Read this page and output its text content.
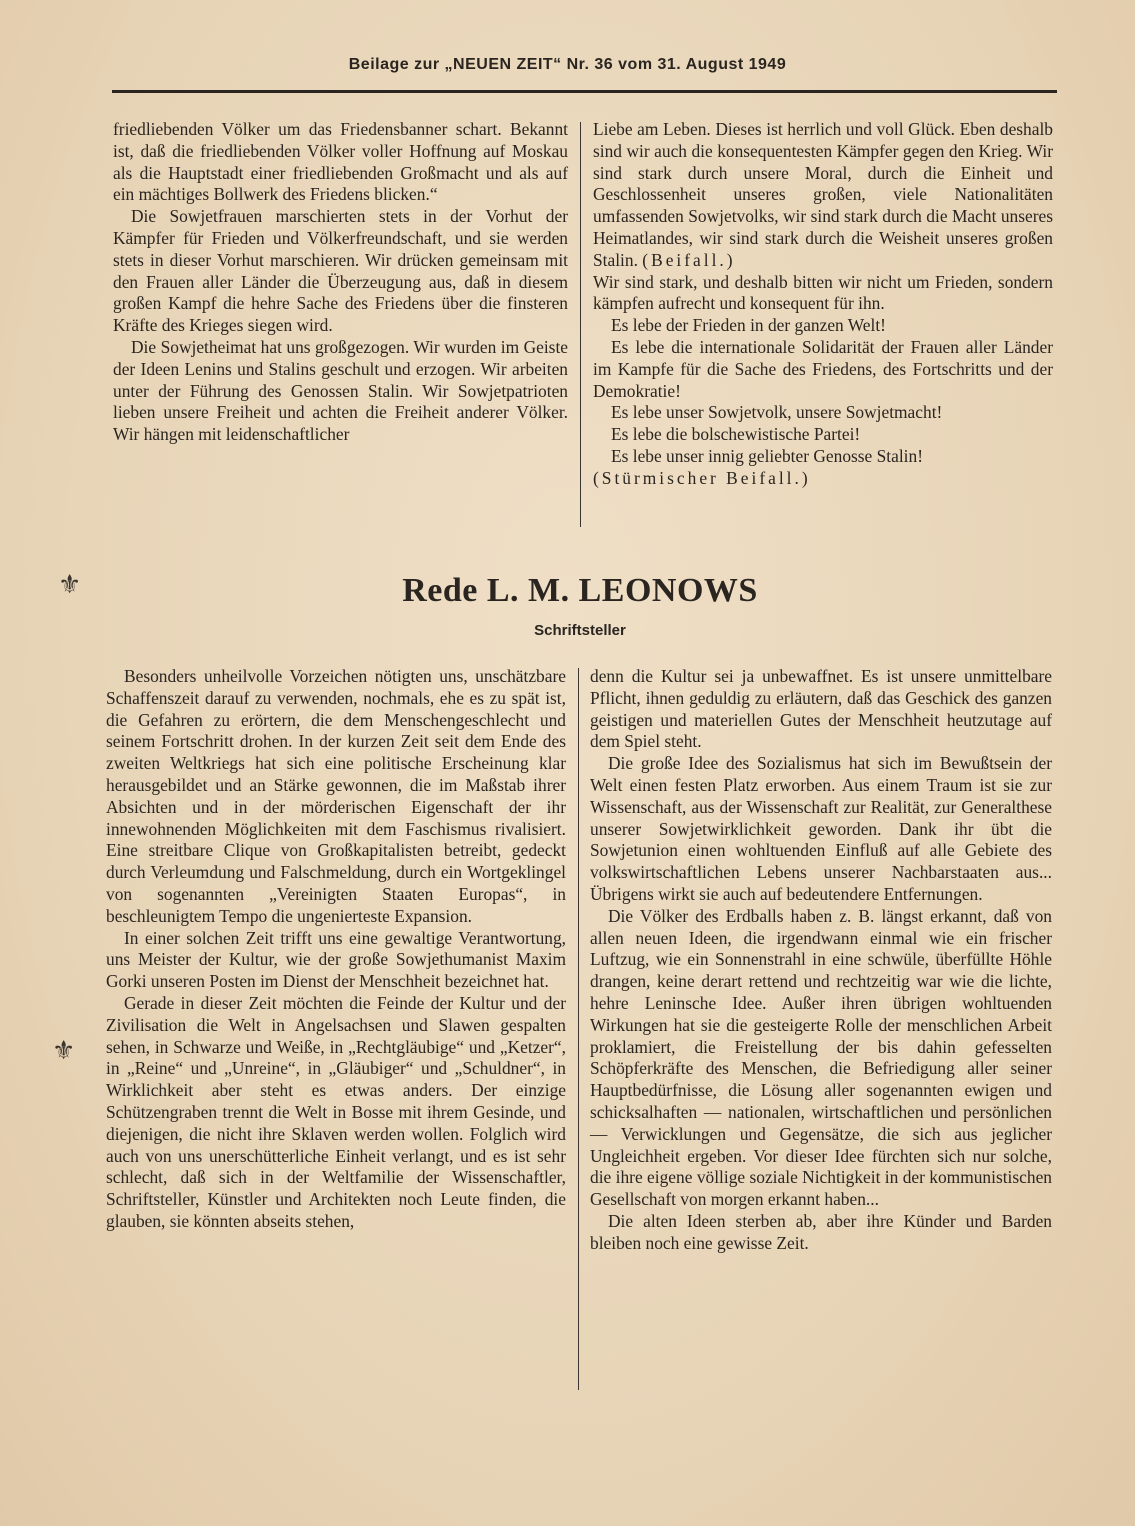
Beilage zur „NEUEN ZEIT“ Nr. 36 vom 31. August 1949

friedliebenden Völker um das Friedensbanner schart. Bekannt ist, daß die friedliebenden Völker voller Hoffnung auf Moskau als die Hauptstadt einer friedliebenden Großmacht und als auf ein mächtiges Bollwerk des Friedens blicken.“

Die Sowjetfrauen marschierten stets in der Vorhut der Kämpfer für Frieden und Völkerfreundschaft, und sie werden stets in dieser Vorhut marschieren. Wir drücken gemeinsam mit den Frauen aller Länder die Überzeugung aus, daß in diesem großen Kampf die hehre Sache des Friedens über die finsteren Kräfte des Krieges siegen wird.

Die Sowjetheimat hat uns großgezogen. Wir wurden im Geiste der Ideen Lenins und Stalins geschult und erzogen. Wir arbeiten unter der Führung des Genossen Stalin. Wir Sowjetpatrioten lieben unsere Freiheit und achten die Freiheit anderer Völker. Wir hängen mit leidenschaftlicher

Liebe am Leben. Dieses ist herrlich und voll Glück. Eben deshalb sind wir auch die konsequentesten Kämpfer gegen den Krieg. Wir sind stark durch unsere Moral, durch die Einheit und Geschlossenheit unseres großen, viele Nationalitäten umfassenden Sowjetvolks, wir sind stark durch die Macht unseres Heimatlandes, wir sind stark durch die Weisheit unseres großen Stalin. (Beifall.)

Wir sind stark, und deshalb bitten wir nicht um Frieden, sondern kämpfen aufrecht und konsequent für ihn.

Es lebe der Frieden in der ganzen Welt!

Es lebe die internationale Solidarität der Frauen aller Länder im Kampfe für die Sache des Friedens, des Fortschritts und der Demokratie!

Es lebe unser Sowjetvolk, unsere Sowjetmacht!

Es lebe die bolschewistische Partei!

Es lebe unser innig geliebter Genosse Stalin!

(Stürmischer Beifall.)

⚜	Rede L. M. LEONOWS
Schriftsteller

Besonders unheilvolle Vorzeichen nötigten uns, unschätzbare Schaffenszeit darauf zu verwenden, nochmals, ehe es zu spät ist, die Gefahren zu erörtern, die dem Menschengeschlecht und seinem Fortschritt drohen. In der kurzen Zeit seit dem Ende des zweiten Weltkriegs hat sich eine politische Erscheinung klar herausgebildet und an Stärke gewonnen, die im Maßstab ihrer Absichten und in der mörderischen Eigenschaft der ihr innewohnenden Möglichkeiten mit dem Faschismus rivalisiert. Eine streitbare Clique von Großkapitalisten betreibt, gedeckt durch Verleumdung und Falschmeldung, durch ein Wortgeklingel von sogenannten „Vereinigten Staaten Europas“, in beschleunigtem Tempo die ungenierteste Expansion.

In einer solchen Zeit trifft uns eine gewaltige Verantwortung, uns Meister der Kultur, wie der große Sowjethumanist Maxim Gorki unseren Posten im Dienst der Menschheit bezeichnet hat.

Gerade in dieser Zeit möchten die Feinde der Kultur und der Zivilisation die Welt in Angelsachsen und Slawen gespalten sehen, in Schwarze und Weiße, in „Rechtgläubige“ und „Ketzer“, in „Reine“ und „Unreine“, in „Gläubiger“ und „Schuldner“, in Wirklichkeit aber steht es etwas anders. Der einzige Schützengraben trennt die Welt in Bosse mit ihrem Gesinde, und diejenigen, die nicht ihre Sklaven werden wollen. Folglich wird auch von uns unerschütterliche Einheit verlangt, und es ist sehr schlecht, daß sich in der Weltfamilie der Wissenschaftler, Schriftsteller, Künstler und Architekten noch Leute finden, die glauben, sie könnten abseits stehen,

⚜

denn die Kultur sei ja unbewaffnet. Es ist unsere unmittelbare Pflicht, ihnen geduldig zu erläutern, daß das Geschick des ganzen geistigen und materiellen Gutes der Menschheit heutzutage auf dem Spiel steht.

Die große Idee des Sozialismus hat sich im Bewußtsein der Welt einen festen Platz erworben. Aus einem Traum ist sie zur Wissenschaft, aus der Wissenschaft zur Realität, zur Generalthese unserer Sowjetwirklichkeit geworden. Dank ihr übt die Sowjetunion einen wohltuenden Einfluß auf alle Gebiete des volkswirtschaftlichen Lebens unserer Nachbarstaaten aus... Übrigens wirkt sie auch auf bedeutendere Entfernungen.

Die Völker des Erdballs haben z. B. längst erkannt, daß von allen neuen Ideen, die irgendwann einmal wie ein frischer Luftzug, wie ein Sonnenstrahl in eine schwüle, überfüllte Höhle drangen, keine derart rettend und rechtzeitig war wie die lichte, hehre Leninsche Idee. Außer ihren übrigen wohltuenden Wirkungen hat sie die gesteigerte Rolle der menschlichen Arbeit proklamiert, die Freistellung der bis dahin gefesselten Schöpferkräfte des Menschen, die Befriedigung aller seiner Hauptbedürfnisse, die Lösung aller sogenannten ewigen und schicksalhaften — nationalen, wirtschaftlichen und persönlichen — Verwicklungen und Gegensätze, die sich aus jeglicher Ungleichheit ergeben. Vor dieser Idee fürchten sich nur solche, die ihre eigene völlige soziale Nichtigkeit in der kommunistischen Gesellschaft von morgen erkannt haben...

Die alten Ideen sterben ab, aber ihre Künder und Barden bleiben noch eine gewisse Zeit.
